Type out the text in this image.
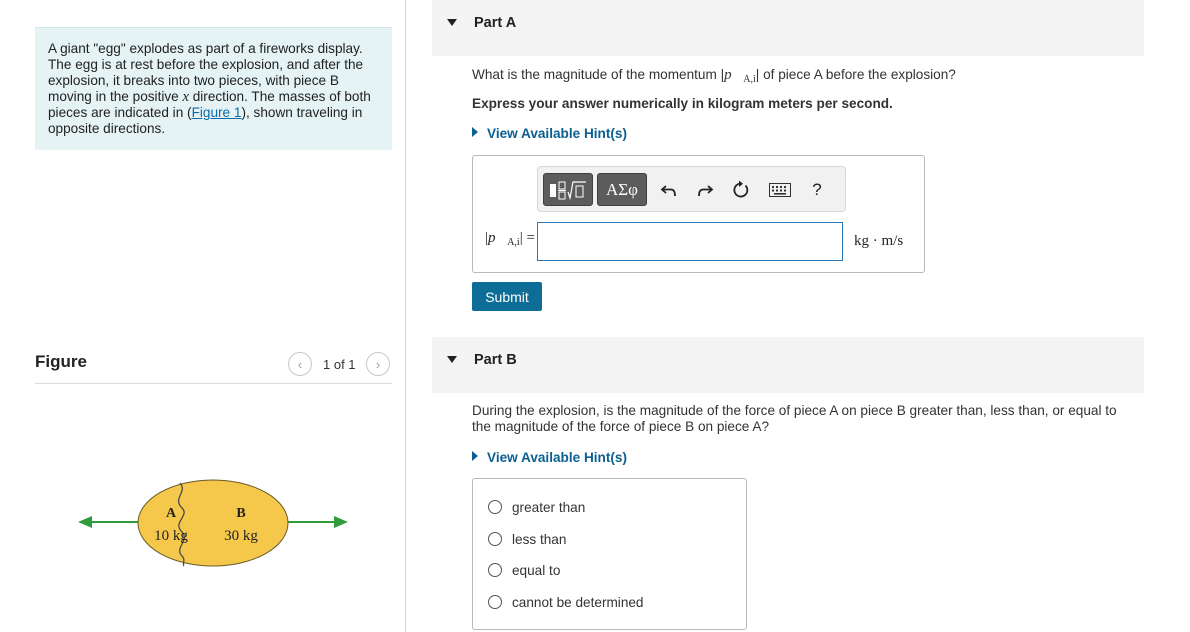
A giant "egg" explodes as part of a fireworks display. The egg is at rest before the explosion, and after the explosion, it breaks into two pieces, with piece B moving in the positive x direction. The masses of both pieces are indicated in (Figure 1), shown traveling in opposite directions.
Figure	‹ 1 of 1 ›
A
10 kg
B
30 kg
Part A
What is the magnitude of the momentum $|p⃗_{A,i}|$ of piece A before the explosion?
Express your answer numerically in kilogram meters per second.
View Available Hint(s)
ΑΣφ	?
$|p⃗_{A,i}|$ =	kg · m/s
Submit
Part B
During the explosion, is the magnitude of the force of piece A on piece B greater than, less than, or equal to the magnitude of the force of piece B on piece A?
View Available Hint(s)
greater than
less than
equal to
cannot be determined
